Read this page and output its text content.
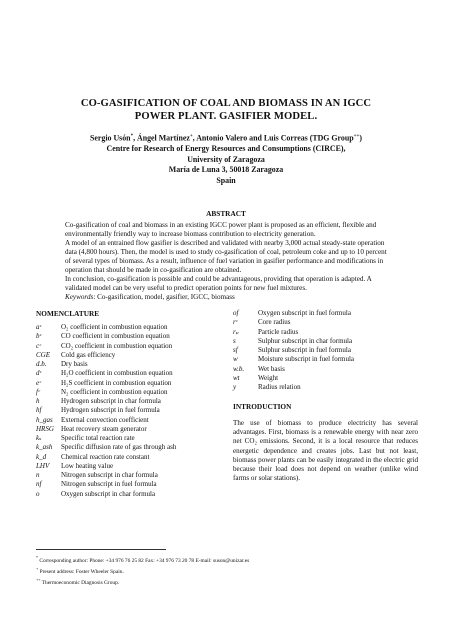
CO-GASIFICATION OF COAL AND BIOMASS IN AN IGCC
POWER PLANT. GASIFIER MODEL.
Sergio Usón*, Ángel Martínez+, Antonio Valero and Luis Correas (TDG Group++)
Centre for Research of Energy Resources and Consumptions (CIRCE),
University of Zaragoza
María de Luna 3, 50018 Zaragoza
Spain
ABSTRACT

Co-gasification of coal and biomass in an existing IGCC power plant is proposed as an efficient, flexible and environmentally friendly way to increase biomass contribution to electricity generation.

A model of an entrained flow gasifier is described and validated with nearby 3,000 actual steady-state operation data (4,800 hours). Then, the model is used to study co-gasification of coal, petroleum coke and up to 10 percent of several types of biomass. As a result, influence of fuel variation in gasifier performance and modifications in operation that should be made in co-gasification are obtained.

In conclusion, co-gasification is possible and could be advantageous, providing that operation is adapted. A validated model can be very useful to predict operation points for new fuel mixtures.

Keywords: Co-gasification, model, gasifier, IGCC, biomass

NOMENCLATURE
aᶜ	O₂ coefficient in combustion equation
bᶜ	CO coefficient in combustion equation
cᶜ	CO₂ coefficient in combustion equation
CGE	Cold gas efficiency
d.b.	Dry basis
dᶜ	H₂O coefficient in combustion equation
eᶜ	H₂S coefficient in combustion equation
fᶜ	N₂ coefficient in combustion equation
h	Hydrogen subscript in char formula
hf	Hydrogen subscript in fuel formula
h_gas	External convection coefficient
HRSG	Heat recovery steam generator
kₛ	Specific total reaction rate
k_ash	Specific diffusion rate of gas through ash
k_d	Chemical reaction rate constant
LHV	Low heating value
n	Nitrogen subscript in char formula
nf	Nitrogen subscript in fuel formula
o	Oxygen subscript in char formula
of	Oxygen subscript in fuel formula
rᶜ	Core radius
rₚ	Particle radius
s	Sulphur subscript in char formula
sf	Sulphur subscript in fuel formula
w	Moisture subscript in fuel formula
w.b.	Wet basis
wt	Weight
y	Radius relation
INTRODUCTION
The use of biomass to produce electricity has several advantages. First, biomass is a renewable energy with near zero net CO₂ emissions. Second, it is a local resource that reduces energetic dependence and creates jobs. Last but not least, biomass power plants can be easily integrated in the electric grid because their load does not depend on weather (unlike wind farms or solar stations).
* Corresponding author: Phone: +34 976 76 25 82 Fax: +34 976 73 20 78 E-mail: suson@unizar.es
+ Present address: Foster Wheeler Spain.
++ Thermoeconomic Diagnosis Group.
